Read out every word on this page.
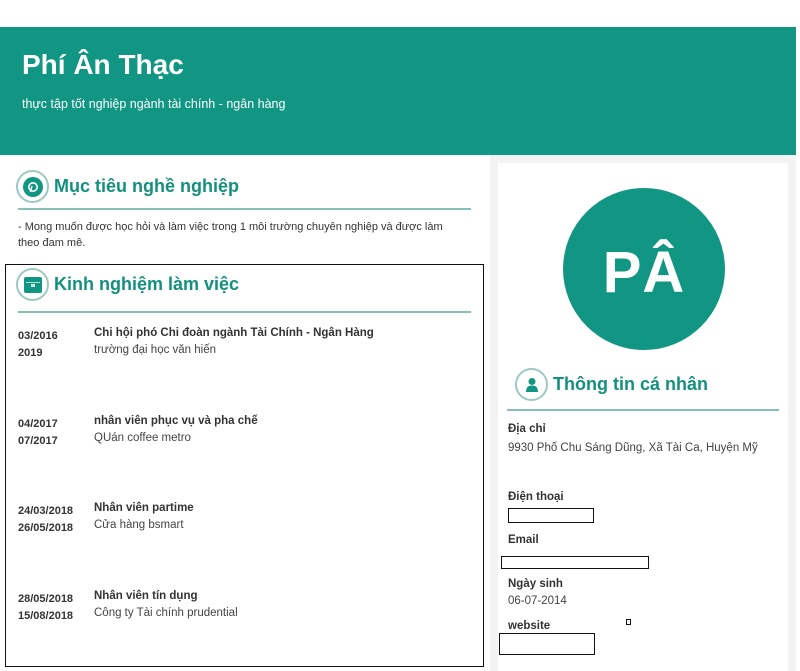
Phí Ân Thạc
thực tập tốt nghiệp ngành tài chính - ngân hàng
Mục tiêu nghề nghiệp
- Mong muốn được học hỏi và làm việc trong 1 môi trường chuyên nghiệp và được làm theo đam mê.
Kinh nghiệm làm việc
03/2016
2019
Chi hội phó Chi đoàn ngành Tài Chính - Ngân Hàng
trường đại học văn hiến
04/2017
07/2017
nhân viên phục vụ và pha chế
QUán coffee metro
24/03/2018
26/05/2018
Nhân viên partime
Cửa hàng bsmart
28/05/2018
15/08/2018
Nhân viên tín dụng
Công ty Tài chính prudential
PÂ
Thông tin cá nhân
Địa chỉ
9930 Phố Chu Sáng Dũng, Xã Tài Ca, Huyện Mỹ
Điện thoại
Email
Ngày sinh
06-07-2014
website
